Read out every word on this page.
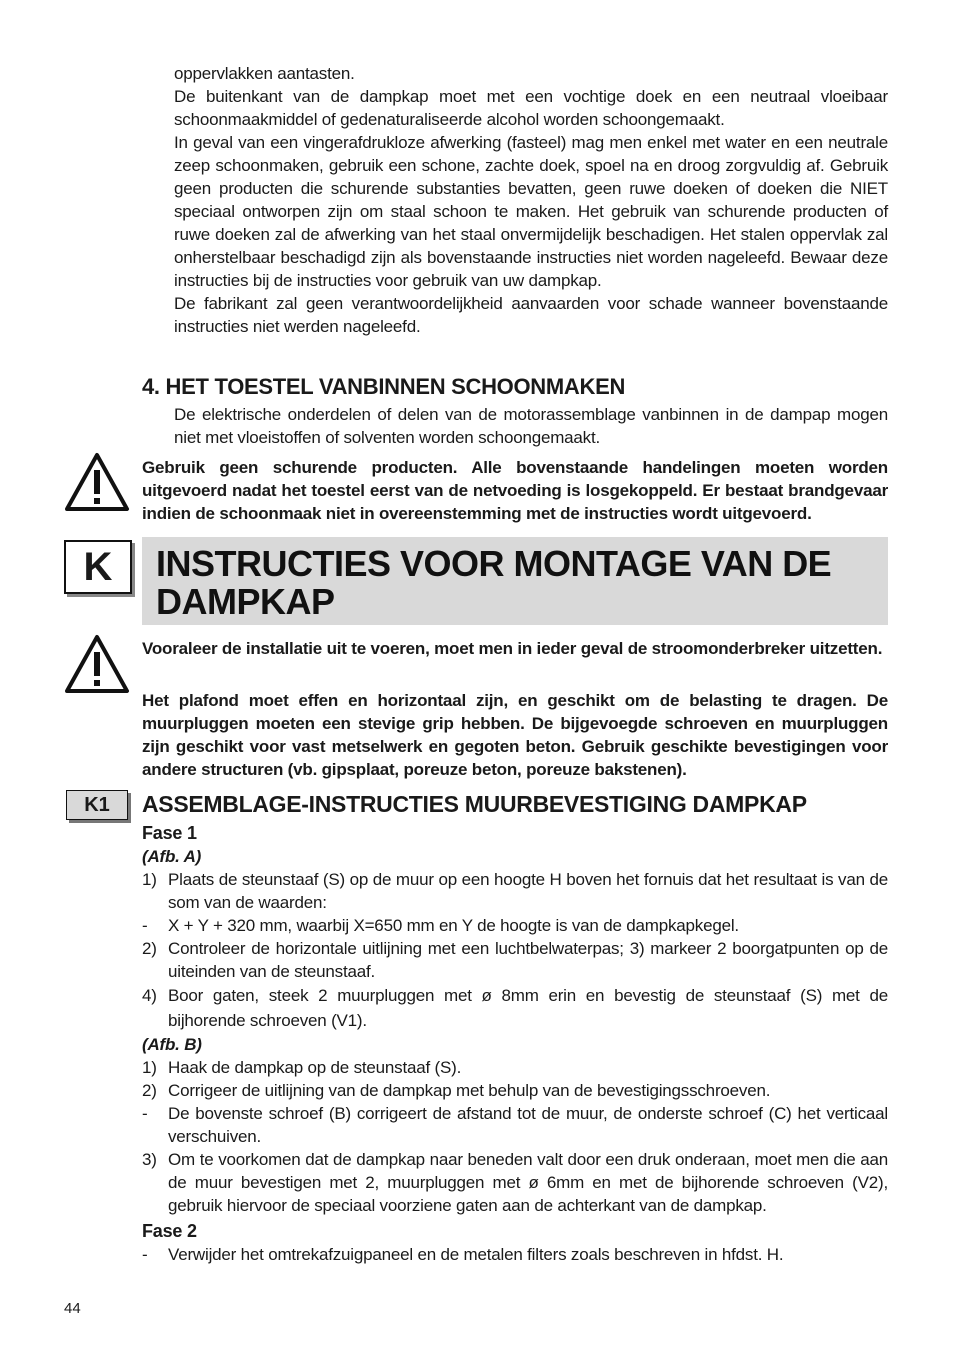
oppervlakken aantasten.

De buitenkant van de dampkap moet met een vochtige doek en een neutraal vloeibaar schoonmaakmiddel of gedenaturaliseerde alcohol worden schoongemaakt.

In geval van een vingerafdrukloze afwerking (fasteel) mag men enkel met water en een neutrale zeep schoonmaken, gebruik een schone, zachte doek, spoel na en droog zorgvuldig af. Gebruik geen producten die schurende substanties bevatten, geen ruwe doeken of doeken die NIET speciaal ontworpen zijn om staal schoon te maken. Het gebruik van schurende producten of ruwe doeken zal de afwerking van het staal onvermijdelijk beschadigen. Het stalen oppervlak zal onherstelbaar beschadigd zijn als bovenstaande instructies niet worden nageleefd. Bewaar deze instructies bij de instructies voor gebruik van uw dampkap.

De fabrikant zal geen verantwoordelijkheid aanvaarden voor schade wanneer bovenstaande instructies niet werden nageleefd.

4. HET TOESTEL VANBINNEN SCHOONMAKEN
De elektrische onderdelen of delen van de motorassemblage vanbinnen in de dampap mogen niet met vloeistoffen of solventen worden schoongemaakt.
Gebruik geen schurende producten. Alle bovenstaande handelingen moeten worden uitgevoerd nadat het toestel eerst van de netvoeding is losgekoppeld. Er bestaat brandgevaar indien de schoonmaak niet in overeenstemming met de instructies wordt uitgevoerd.
K	INSTRUCTIES VOOR MONTAGE VAN DE
DAMPKAP
Vooraleer de installatie uit te voeren, moet men in ieder geval de stroomonderbreker uitzetten.
Het plafond moet effen en horizontaal zijn, en geschikt om de belasting te dragen. De muurpluggen moeten een stevige grip hebben. De bijgevoegde schroeven en muurpluggen zijn geschikt voor vast metselwerk en gegoten beton. Gebruik geschikte bevestigingen voor andere structuren (vb. gipsplaat, poreuze beton, poreuze bakstenen).
K1	ASSEMBLAGE-INSTRUCTIES MUURBEVESTIGING DAMPKAP
Fase 1
(Afb. A)
1) Plaats de steunstaaf (S) op de muur op een hoogte H boven het fornuis dat het resultaat is van de som van de waarden:
- X + Y + 320 mm, waarbij X=650 mm en Y de hoogte is van de dampkapkegel.
2) Controleer de horizontale uitlijning met een luchtbelwaterpas; 3) markeer 2 boorgatpunten op de uiteinden van de steunstaaf.
4) Boor gaten, steek 2 muurpluggen met ø 8mm erin en bevestig de steunstaaf (S) met de bijhorende schroeven (V1).
(Afb. B)
1) Haak de dampkap op de steunstaaf (S).
2) Corrigeer de uitlijning van de dampkap met behulp van de bevestigingsschroeven.
- De bovenste schroef (B) corrigeert de afstand tot de muur, de onderste schroef (C) het verticaal verschuiven.
3) Om te voorkomen dat de dampkap naar beneden valt door een druk onderaan, moet men die aan de muur bevestigen met 2, muurpluggen met ø 6mm en met de bijhorende schroeven (V2), gebruik hiervoor de speciaal voorziene gaten aan de achterkant van de dampkap.
Fase 2
- Verwijder het omtrekafzuigpaneel en de metalen filters zoals beschreven in hfdst. H.
44
